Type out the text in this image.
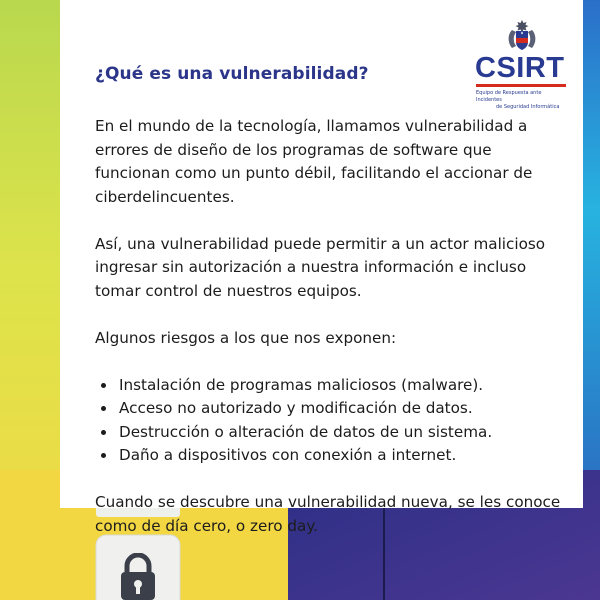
¿Qué es una vulnerabilidad?	CSIRT
Equipo de Respuesta ante Incidentes
de Seguridad Informática

En el mundo de la tecnología, llamamos vulnerabilidad a errores de diseño de los programas de software que funcionan como un punto débil, facilitando el accionar de ciberdelincuentes.

Así, una vulnerabilidad puede permitir a un actor malicioso ingresar sin autorización a nuestra información e incluso tomar control de nuestros equipos.

Algunos riesgos a los que nos exponen:

• Instalación de programas maliciosos (malware).
• Acceso no autorizado y modificación de datos.
• Destrucción o alteración de datos de un sistema.
• Daño a dispositivos con conexión a internet.

Cuando se descubre una vulnerabilidad nueva, se les conoce como de día cero, o zero day.
